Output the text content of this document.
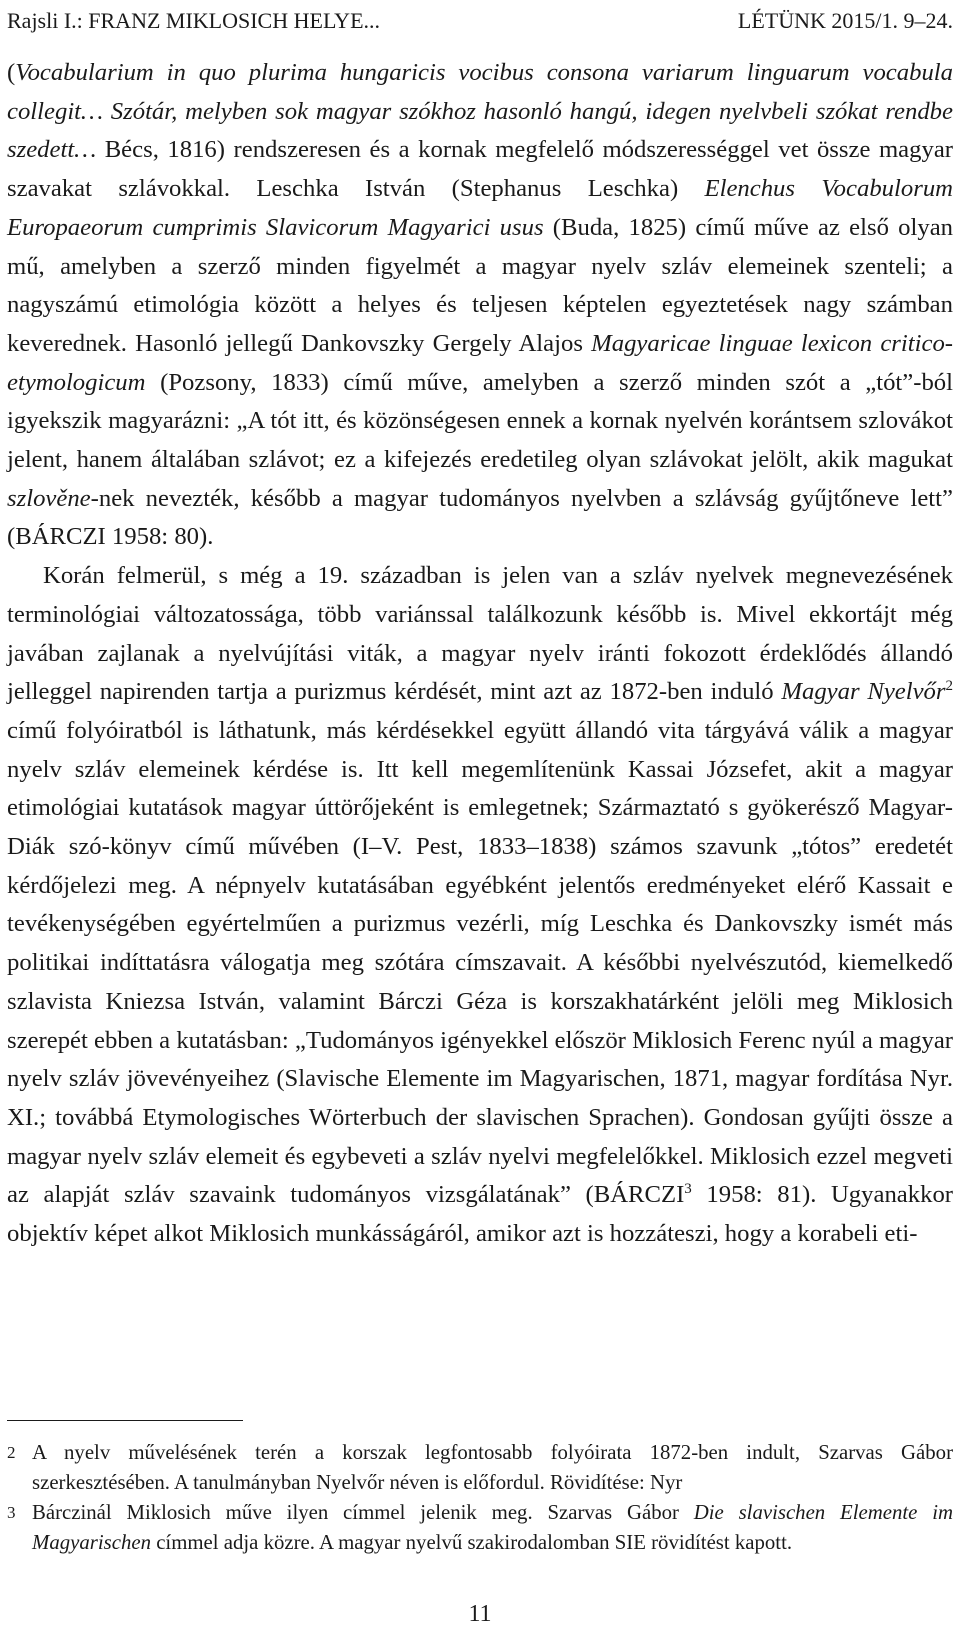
Rajsli I.: FRANZ MIKLOSICH HELYE...	LÉTÜNK 2015/1. 9–24.

(Vocabularium in quo plurima hungaricis vocibus consona variarum linguarum vocabula collegit… Szótár, melyben sok magyar szókhoz hasonló hangú, idegen nyelvbeli szókat rendbe szedett… Bécs, 1816) rendszeresen és a kornak megfelelő módszerességgel vet össze magyar szavakat szlávokkal. Leschka István (Stephanus Leschka) Elenchus Vocabulorum Europaeorum cumprimis Slavicorum Magyarici usus (Buda, 1825) című műve az első olyan mű, amelyben a szerző minden figyelmét a magyar nyelv szláv elemeinek szenteli; a nagyszámú etimológia között a helyes és teljesen képtelen egyeztetések nagy számban keverednek. Hasonló jellegű Dankovszky Gergely Alajos Magyaricae linguae lexicon critico-etymologicum (Pozsony, 1833) című műve, amelyben a szerző minden szót a „tót”-ból igyekszik magyarázni: „A tót itt, és közönségesen ennek a kornak nyelvén korántsem szlovákot jelent, hanem általában szlávot; ez a kifejezés eredetileg olyan szlávokat jelölt, akik magukat szlověne-nek nevezték, később a magyar tudományos nyelvben a szlávság gyűjtőneve lett” (BÁRCZI 1958: 80).

Korán felmerül, s még a 19. században is jelen van a szláv nyelvek megnevezésének terminológiai változatossága, több variánssal találkozunk később is. Mivel ekkortájt még javában zajlanak a nyelvújítási viták, a magyar nyelv iránti fokozott érdeklődés állandó jelleggel napirenden tartja a purizmus kérdését, mint azt az 1872-ben induló Magyar Nyelvőr$^2$ című folyóiratból is láthatunk, más kérdésekkel együtt állandó vita tárgyává válik a magyar nyelv szláv elemeinek kérdése is. Itt kell megemlítenünk Kassai Józsefet, akit a magyar etimológiai kutatások magyar úttörőjeként is emlegetnek; Származtató s gyökerésző Magyar-Diák szó-könyv című művében (I–V. Pest, 1833–1838) számos szavunk „tótos” eredetét kérdőjelezi meg. A népnyelv kutatásában egyébként jelentős eredményeket elérő Kassait e tevékenységében egyértelműen a purizmus vezérli, míg Leschka és Dankovszky ismét más politikai indíttatásra válogatja meg szótára címszavait. A későbbi nyelvészutód, kiemelkedő szlavista Kniezsa István, valamint Bárczi Géza is korszakhatárként jelöli meg Miklosich szerepét ebben a kutatásban: „Tudományos igényekkel először Miklosich Ferenc nyúl a magyar nyelv szláv jövevényeihez (Slavische Elemente im Magyarischen, 1871, magyar fordítása Nyr. XI.; továbbá Etymologisches Wörterbuch der slavischen Sprachen). Gondosan gyűjti össze a magyar nyelv szláv elemeit és egybeveti a szláv nyelvi megfelelőkkel. Miklosich ezzel megveti az alapját szláv szavaink tudományos vizsgálatának” (BÁRCZI$^3$ 1958: 81). Ugyanakkor objektív képet alkot Miklosich munkásságáról, amikor azt is hozzáteszi, hogy a korabeli eti-

2 A nyelv művelésének terén a korszak legfontosabb folyóirata 1872-ben indult, Szarvas Gábor szerkesztésében. A tanulmányban Nyelvőr néven is előfordul. Rövidítése: Nyr
3 Bárczinál Miklosich műve ilyen címmel jelenik meg. Szarvas Gábor Die slavischen Elemente im Magyarischen címmel adja közre. A magyar nyelvű szakirodalomban SIE rövidítést kapott.
11
